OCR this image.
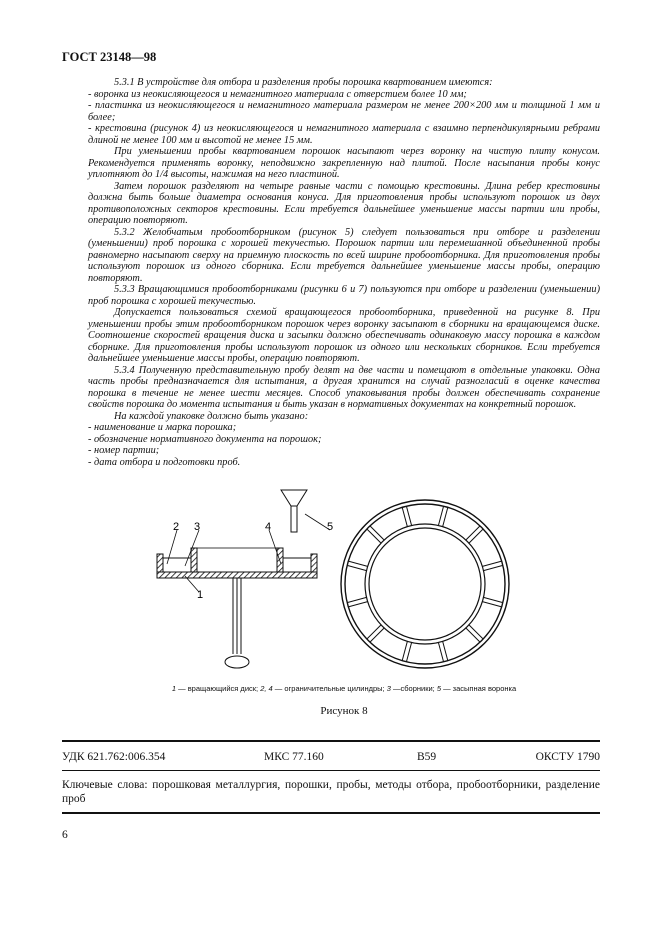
ГОСТ 23148—98

5.3.1 В устройстве для отбора и разделения пробы порошка квартованием имеются:

- воронка из неокисляющегося и немагнитного материала с отверстием более 10 мм;

- пластинка из неокисляющегося и немагнитного материала размером не менее 200×200 мм и толщиной 1 мм и более;

- крестовина (рисунок 4) из неокисляющегося и немагнитного материала с взаимно перпендикулярными ребрами длиной не менее 100 мм и высотой не менее 15 мм.

При уменьшении пробы квартованием порошок насыпают через воронку на чистую плиту конусом. Рекомендуется применять воронку, неподвижно закрепленную над плитой. После насыпания пробы конус уплотняют до 1/4 высоты, нажимая на него пластиной.

Затем порошок разделяют на четыре равные части с помощью крестовины. Длина ребер крестовины должна быть больше диаметра основания конуса. Для приготовления пробы используют порошок из двух противоположных секторов крестовины. Если требуется дальнейшее уменьшение массы партии или пробы, операцию повторяют.

5.3.2 Желобчатым пробоотборником (рисунок 5) следует пользоваться при отборе и разделении (уменьшении) проб порошка с хорошей текучестью. Порошок партии или перемешанной объединенной пробы равномерно насыпают сверху на приемную плоскость по всей ширине пробоотборника. Для приготовления пробы используют порошок из одного сборника. Если требуется дальнейшее уменьшение массы пробы, операцию повторяют.

5.3.3 Вращающимися пробоотборниками (рисунки 6 и 7) пользуются при отборе и разделении (уменьшении) проб порошка с хорошей текучестью.

Допускается пользоваться схемой вращающегося пробоотборника, приведенной на рисунке 8. При уменьшении пробы этим пробоотборником порошок через воронку засыпают в сборники на вращающемся диске. Соотношение скоростей вращения диска и засыпки должно обеспечивать одинаковую массу порошка в каждом сборнике. Для приготовления пробы используют порошок из одного или нескольких сборников. Если требуется дальнейшее уменьшение массы пробы, операцию повторяют.

5.3.4 Полученную представительную пробу делят на две части и помещают в отдельные упаковки. Одна часть пробы предназначается для испытания, а другая хранится на случай разногласий в оценке качества порошка в течение не менее шести месяцев. Способ упаковывания пробы должен обеспечивать сохранение свойств порошка до момента испытания и быть указан в нормативных документах на конкретный порошок.

На каждой упаковке должно быть указано:

- наименование и марка порошка;

- обозначение нормативного документа на порошок;

- номер партии;

- дата отбора и подготовки проб.

2 3	4	5
1
1 — вращающийся диск; 2, 4 — ограничительные цилиндры; 3 —сборники; 5 — засыпная воронка
Рисунок 8
УДК 621.762:006.354	МКС 77.160	В59	ОКСТУ 1790
Ключевые слова: порошковая металлургия, порошки, пробы, методы отбора, пробоотборники, разделение проб
6
